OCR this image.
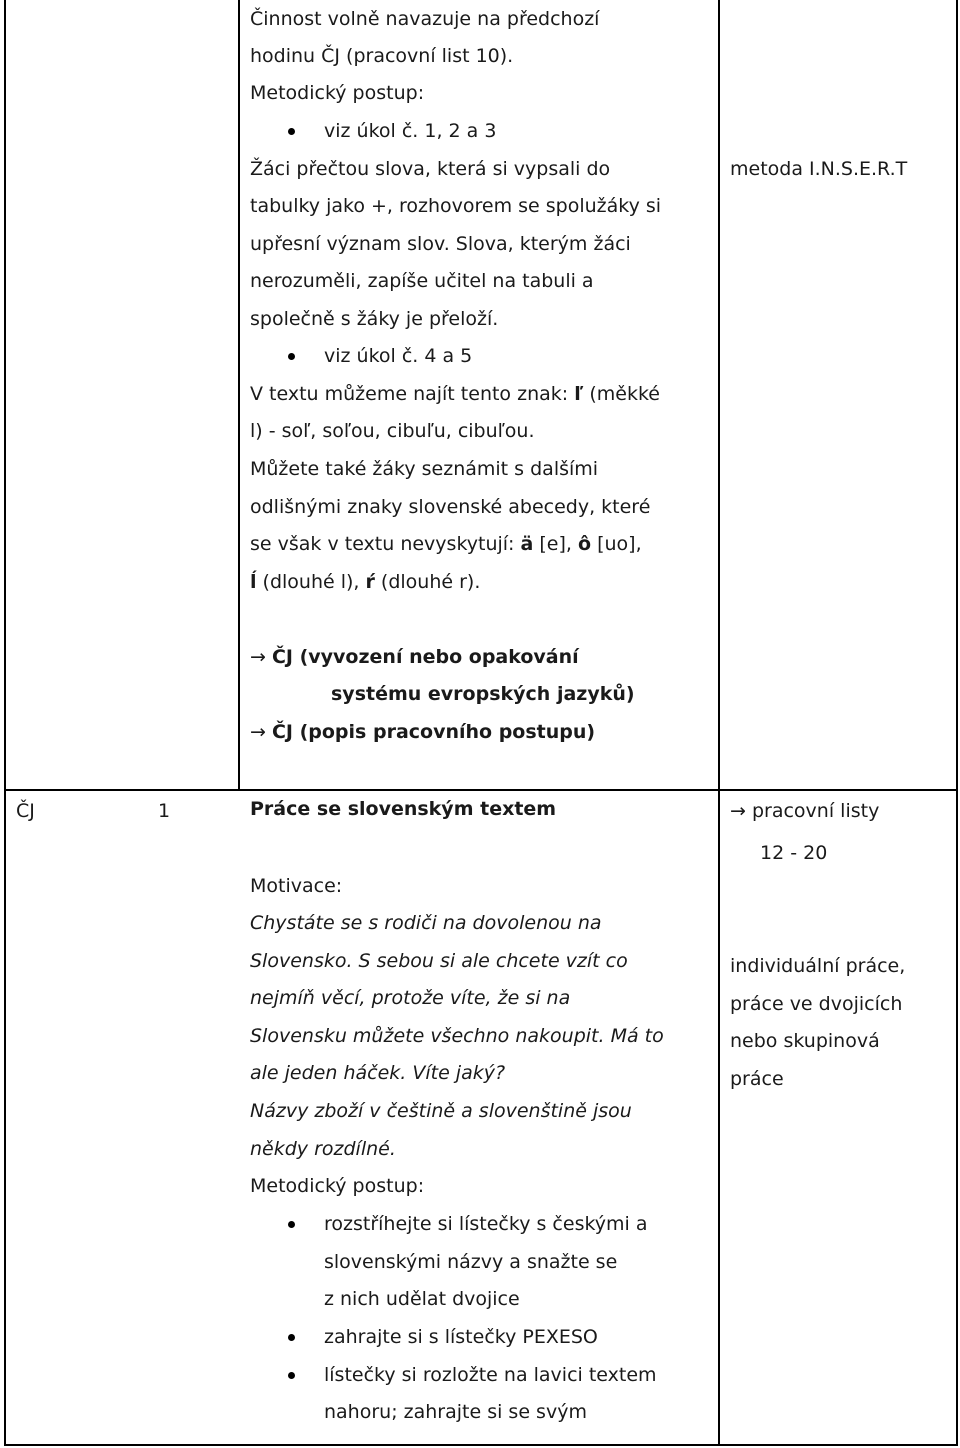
Činnost volně navazuje na předchozí
hodinu ČJ (pracovní list 10).
Metodický postup:
viz úkol č. 1, 2 a 3
Žáci přečtou slova, která si vypsali do
tabulky jako +, rozhovorem se spolužáky si
upřesní význam slov. Slova, kterým žáci
nerozuměli, zapíše učitel na tabuli a
společně s žáky je přeloží.
viz úkol č. 4 a 5
V textu můžeme najít tento znak: ľ (měkké
l) - soľ, soľou, cibuľu, cibuľou.
Můžete také žáky seznámit s dalšími
odlišnými znaky slovenské abecedy, které
se však v textu nevyskytují: ä [e], ô [uo],
ĺ (dlouhé l), ŕ (dlouhé r).
→ ČJ (vyvození nebo opakování
systému evropských jazyků)
→ ČJ (popis pracovního postupu)
metoda I.N.S.E.R.T
ČJ	1	Práce se slovenským textem
Motivace:
Chystáte se s rodiči na dovolenou na
Slovensko. S sebou si ale chcete vzít co
nejmíň věcí, protože víte, že si na
Slovensku můžete všechno nakoupit. Má to
ale jeden háček. Víte jaký?
Názvy zboží v češtině a slovenštině jsou
někdy rozdílné.
Metodický postup:
rozstříhejte si lístečky s českými a
slovenskými názvy a snažte se
z nich udělat dvojice
zahrajte si s lístečky PEXESO
lístečky si rozložte na lavici textem
nahoru; zahrajte si se svým
→ pracovní listy
12 - 20
individuální práce,
práce ve dvojicích
nebo skupinová
práce
